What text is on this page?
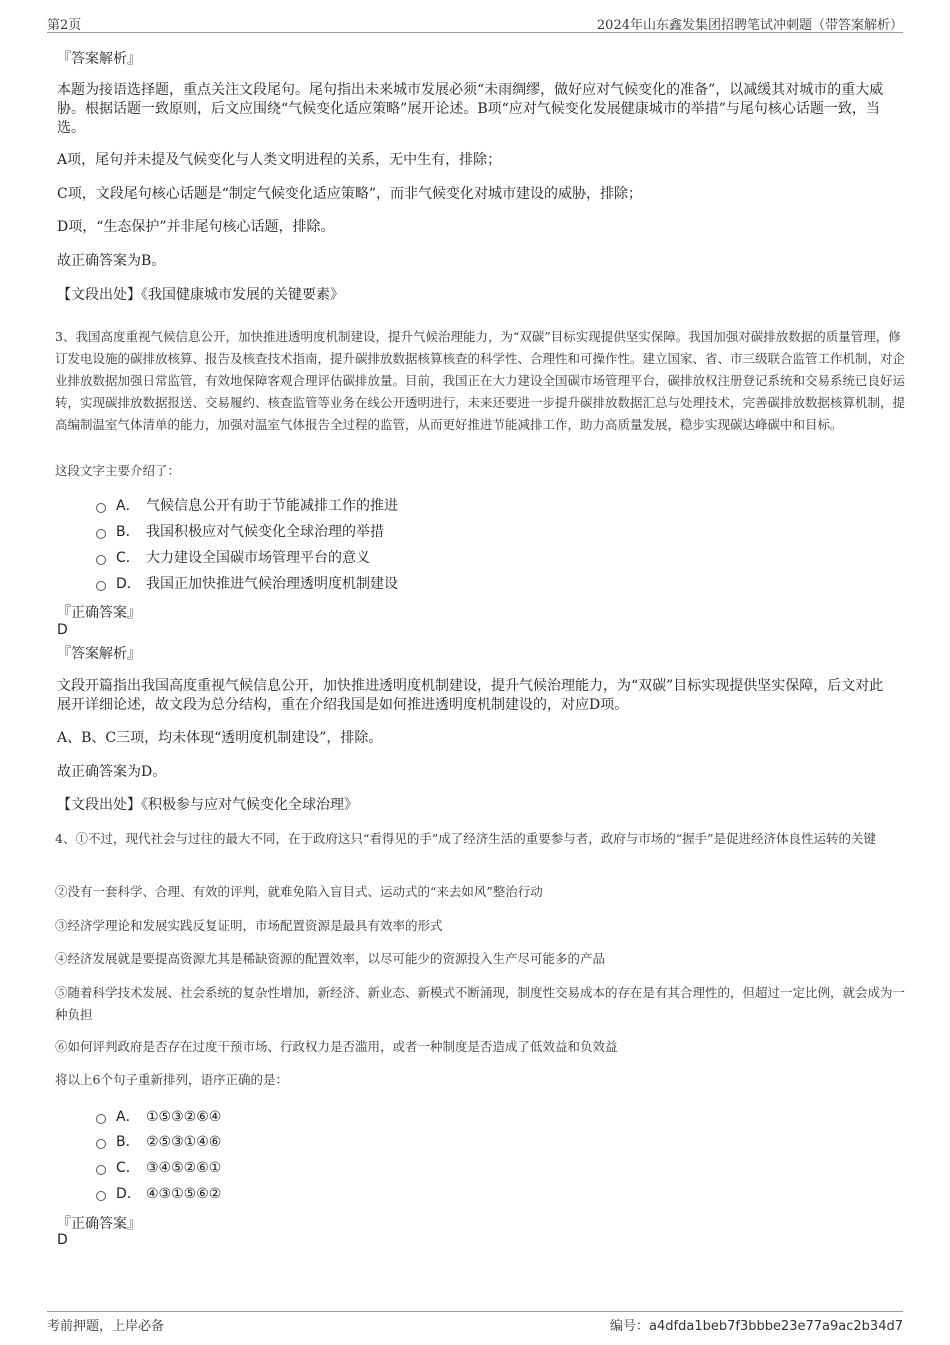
第2页	2024年山东鑫发集团招聘笔试冲刺题（带答案解析）
『答案解析』
本题为接语选择题，重点关注文段尾句。尾句指出未来城市发展必须“未雨绸缪，做好应对气候变化的准备”，以减缓其对城市的重大威胁。根据话题一致原则，后文应围绕“气候变化适应策略”展开论述。B项“应对气候变化发展健康城市的举措”与尾句核心话题一致，当选。
A项，尾句并未提及气候变化与人类文明进程的关系，无中生有，排除；
C项，文段尾句核心话题是“制定气候变化适应策略”，而非气候变化对城市建设的威胁，排除；
D项，“生态保护”并非尾句核心话题，排除。
故正确答案为B。
【文段出处】《我国健康城市发展的关键要素》
3、我国高度重视气候信息公开，加快推进透明度机制建设，提升气候治理能力，为“双碳”目标实现提供坚实保障。我国加强对碳排放数据的质量管理，修订发电设施的碳排放核算、报告及核查技术指南，提升碳排放数据核算核查的科学性、合理性和可操作性。建立国家、省、市三级联合监管工作机制，对企业排放数据加强日常监管，有效地保障客观合理评估碳排放量。目前，我国正在大力建设全国碳市场管理平台，碳排放权注册登记系统和交易系统已良好运转，实现碳排放数据报送、交易履约、核查监管等业务在线公开透明进行，未来还要进一步提升碳排放数据汇总与处理技术，完善碳排放数据核算机制，提高编制温室气体清单的能力，加强对温室气体报告全过程的监管，从而更好推进节能减排工作，助力高质量发展，稳步实现碳达峰碳中和目标。
这段文字主要介绍了：
A． 气候信息公开有助于节能减排工作的推进
B． 我国积极应对气候变化全球治理的举措
C． 大力建设全国碳市场管理平台的意义
D． 我国正加快推进气候治理透明度机制建设
『正确答案』
D
『答案解析』
文段开篇指出我国高度重视气候信息公开，加快推进透明度机制建设，提升气候治理能力，为“双碳”目标实现提供坚实保障，后文对此展开详细论述，故文段为总分结构，重在介绍我国是如何推进透明度机制建设的，对应D项。
A、B、C三项，均未体现“透明度机制建设”，排除。
故正确答案为D。
【文段出处】《积极参与应对气候变化全球治理》
4、①不过，现代社会与过往的最大不同，在于政府这只“看得见的手”成了经济生活的重要参与者，政府与市场的“握手”是促进经济体良性运转的关键
②没有一套科学、合理、有效的评判，就难免陷入盲目式、运动式的“来去如风”整治行动
③经济学理论和发展实践反复证明，市场配置资源是最具有效率的形式
④经济发展就是要提高资源尤其是稀缺资源的配置效率，以尽可能少的资源投入生产尽可能多的产品
⑤随着科学技术发展、社会系统的复杂性增加，新经济、新业态、新模式不断涌现，制度性交易成本的存在是有其合理性的，但超过一定比例，就会成为一种负担
⑥如何评判政府是否存在过度干预市场、行政权力是否滥用，或者一种制度是否造成了低效益和负效益
将以上6个句子重新排列，语序正确的是：
A． ①⑤③②⑥④
B． ②⑤③①④⑥
C． ③④⑤②⑥①
D． ④③①⑤⑥②
『正确答案』
D
考前押题，上岸必备	编号：a4dfda1beb7f3bbbe23e77a9ac2b34d7
